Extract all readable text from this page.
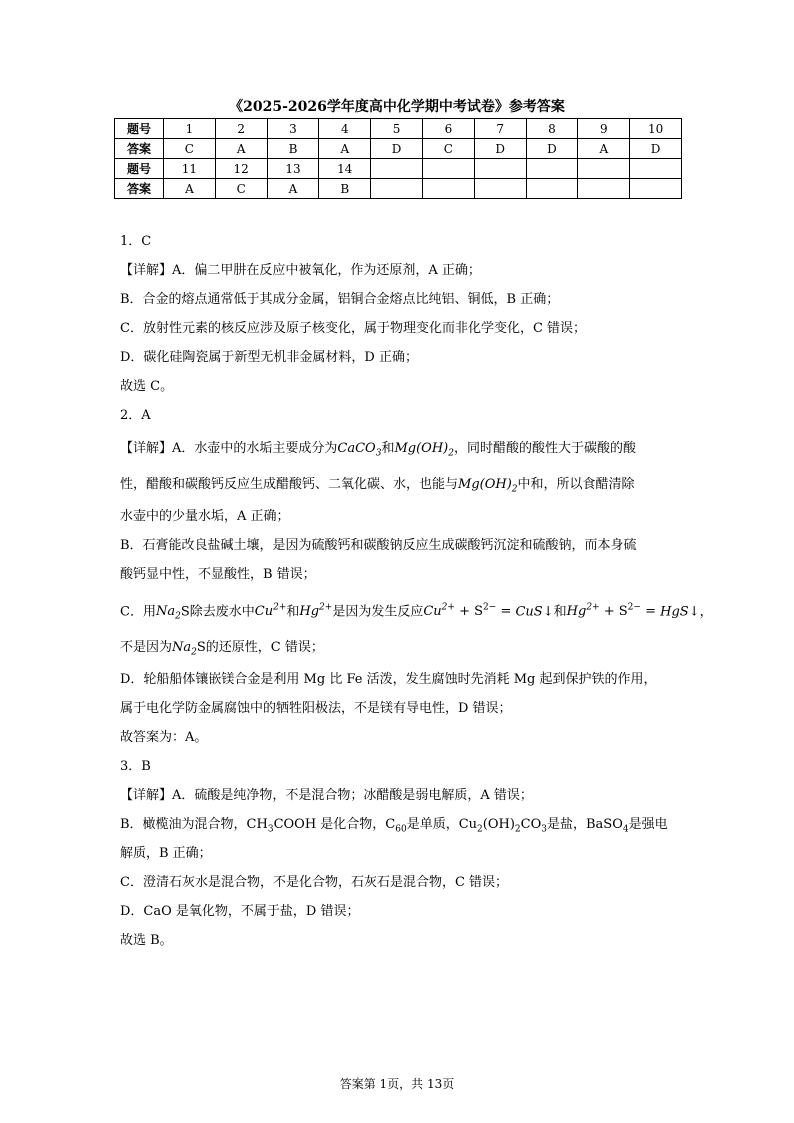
《2025-2026学年度高中化学期中考试卷》参考答案
题号	1	2	3	4	5	6	7	8	9	10
答案	C	A	B	A	D	C	D	D	A	D
题号	11	12	13	14						
答案	A	C	A	B						
1．C
【详解】A．偏二甲肼在反应中被氧化，作为还原剂，A 正确；
B．合金的熔点通常低于其成分金属，铝铜合金熔点比纯铝、铜低，B 正确；
C．放射性元素的核反应涉及原子核变化，属于物理变化而非化学变化，C 错误；
D．碳化硅陶瓷属于新型无机非金属材料，D 正确；
故选 C。
2．A
【详解】A．水壶中的水垢主要成分为CaCO$_3$和$Mg(OH)_2$，同时醋酸的酸性大于碳酸的酸
性，醋酸和碳酸钙反应生成醋酸钙、二氧化碳、水，也能与$Mg(OH)_2$中和，所以食醋清除
水壶中的少量水垢，A 正确；
B．石膏能改良盐碱土壤，是因为硫酸钙和碳酸钠反应生成碳酸钙沉淀和硫酸钠，而本身硫
酸钙显中性，不显酸性，B 错误；
C．用$Na_2S$除去废水中$Cu^{2+}$和$Hg^{2+}$是因为发生反应$Cu^{2+} + S^{2-}$ = CuS↓和$Hg^{2+} + S^{2-}$ = HgS↓，
不是因为$Na_2S$的还原性，C 错误；
D．轮船船体镶嵌镁合金是利用 Mg 比 Fe 活泼，发生腐蚀时先消耗 Mg 起到保护铁的作用，
属于电化学防金属腐蚀中的牺牲阳极法，不是镁有导电性，D 错误；
故答案为：A。
3．B
【详解】A．硫酸是纯净物，不是混合物；冰醋酸是弱电解质，A 错误；
B．橄榄油为混合物，$CH_3COOH$ 是化合物，$C_{60}$是单质，$Cu_2(OH)_2CO_3$是盐，BaSO$_4$是强电
解质，B 正确；
C．澄清石灰水是混合物，不是化合物，石灰石是混合物，C 错误；
D．CaO 是氧化物，不属于盐，D 错误；
故选 B。
答案第 1页，共 13页
